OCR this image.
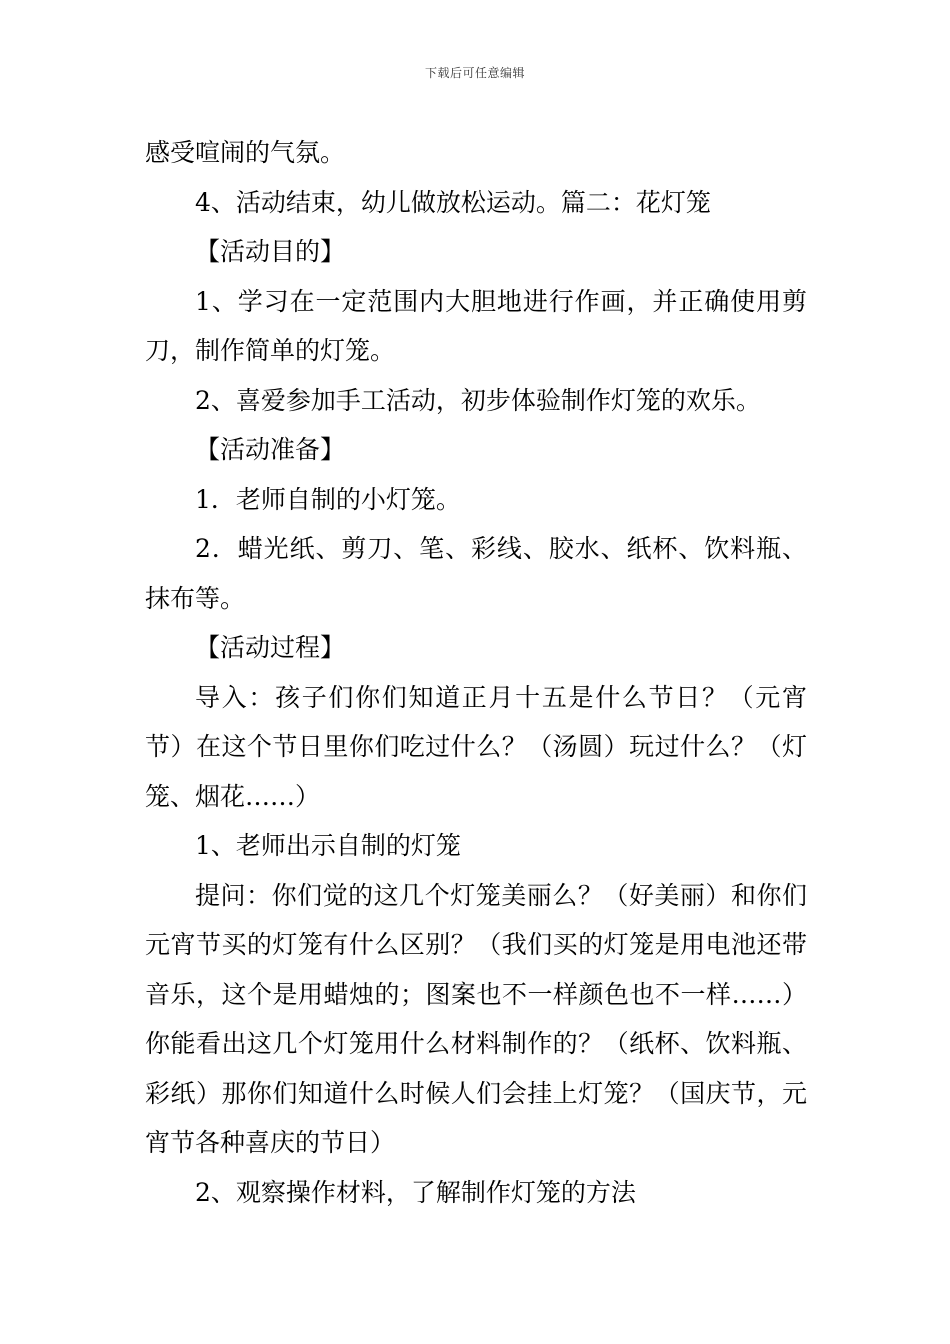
下载后可任意编辑

感受喧闹的气氛。

4、活动结束，幼儿做放松运动。篇二：花灯笼

【活动目的】

1、学习在一定范围内大胆地进行作画，并正确使用剪刀，制作简单的灯笼。

2、喜爱参加手工活动，初步体验制作灯笼的欢乐。

【活动准备】

1．老师自制的小灯笼。

2．蜡光纸、剪刀、笔、彩线、胶水、纸杯、饮料瓶、抹布等。

【活动过程】

导入：孩子们你们知道正月十五是什么节日？（元宵节）在这个节日里你们吃过什么？（汤圆）玩过什么？（灯笼、烟花……）

1、老师出示自制的灯笼

提问：你们觉的这几个灯笼美丽么？（好美丽）和你们元宵节买的灯笼有什么区别？（我们买的灯笼是用电池还带音乐，这个是用蜡烛的；图案也不一样颜色也不一样……）你能看出这几个灯笼用什么材料制作的？（纸杯、饮料瓶、彩纸）那你们知道什么时候人们会挂上灯笼？（国庆节，元宵节各种喜庆的节日）

2、观察操作材料，了解制作灯笼的方法
